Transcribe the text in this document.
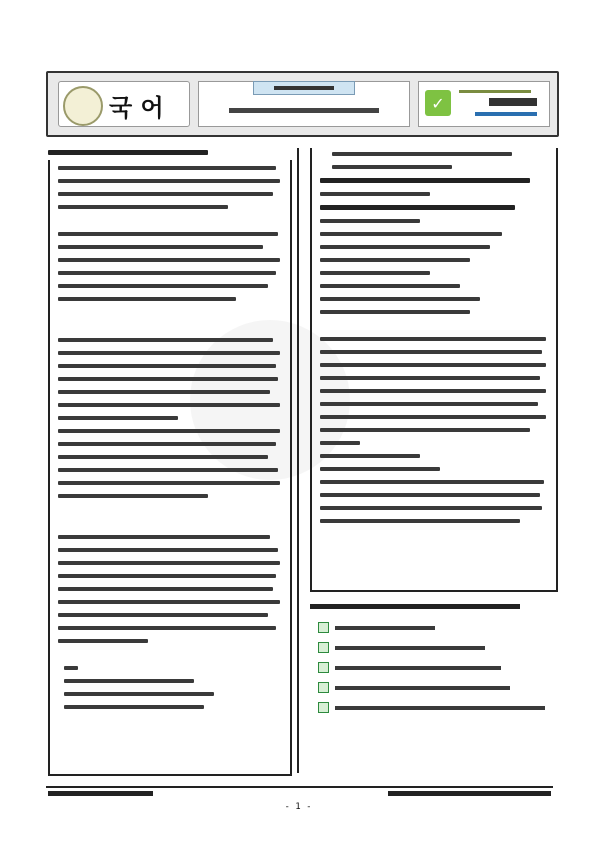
국 어	✓
- 1 -
